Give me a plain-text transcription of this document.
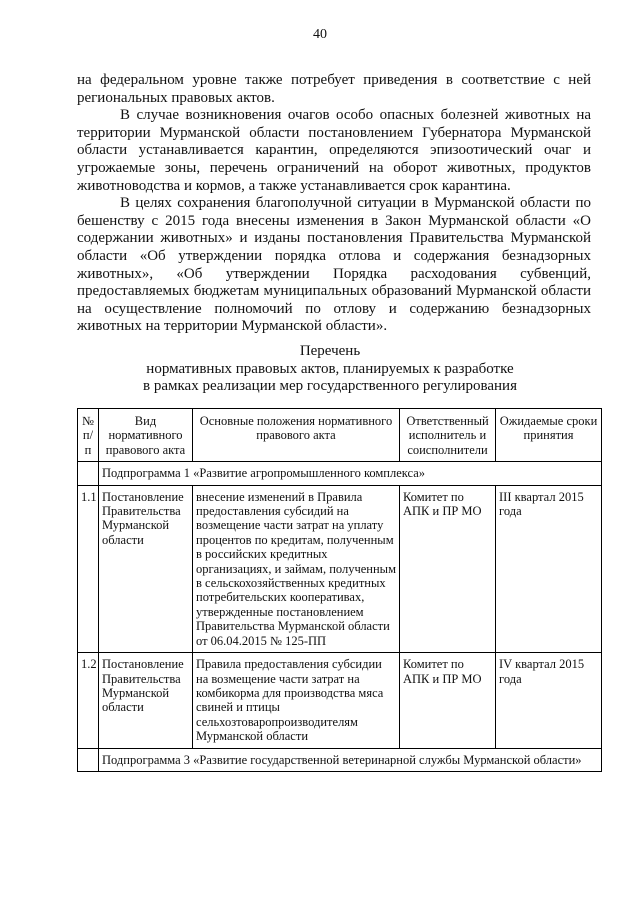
40

на федеральном уровне также потребует приведения в соответствие с ней региональных правовых актов.

В случае возникновения очагов особо опасных болезней животных на территории Мурманской области постановлением Губернатора Мурманской области устанавливается карантин, определяются эпизоотический очаг и угрожаемые зоны, перечень ограничений на оборот животных, продуктов животноводства и кормов, а также устанавливается срок карантина.

В целях сохранения благополучной ситуации в Мурманской области по бешенству с 2015 года внесены изменения в Закон Мурманской области «О содержании животных» и изданы постановления Правительства Мурманской области «Об утверждении порядка отлова и содержания безнадзорных животных», «Об утверждении Порядка расходования субвенций, предоставляемых бюджетам муниципальных образований Мурманской области на осуществление полномочий по отлову и содержанию безнадзорных животных на территории Мурманской области».

Перечень
нормативных правовых актов, планируемых к разработке
в рамках реализации мер государственного регулирования
№ п/п	Вид нормативного правового акта	Основные положения нормативного правового акта	Ответственный исполнитель и соисполнители	Ожидаемые сроки принятия
	Подпрограмма 1 «Развитие агропромышленного комплекса»			
1.1	Постановление Правительства Мурманской области	внесение изменений в Правила предоставления субсидий на возмещение части затрат на уплату процентов по кредитам, полученным в российских кредитных организациях, и займам, полученным в сельскохозяйственных кредитных потребительских кооперативах, утвержденные постановлением Правительства Мурманской области от 06.04.2015 № 125-ПП	Комитет по АПК и ПР МО	III квартал 2015 года
1.2	Постановление Правительства Мурманской области	Правила предоставления субсидии на возмещение части затрат на комбикорма для производства мяса свиней и птицы сельхозтоваропроизводителям Мурманской области	Комитет по АПК и ПР МО	IV квартал 2015 года
	Подпрограмма 3 «Развитие государственной ветеринарной службы Мурманской области»			
